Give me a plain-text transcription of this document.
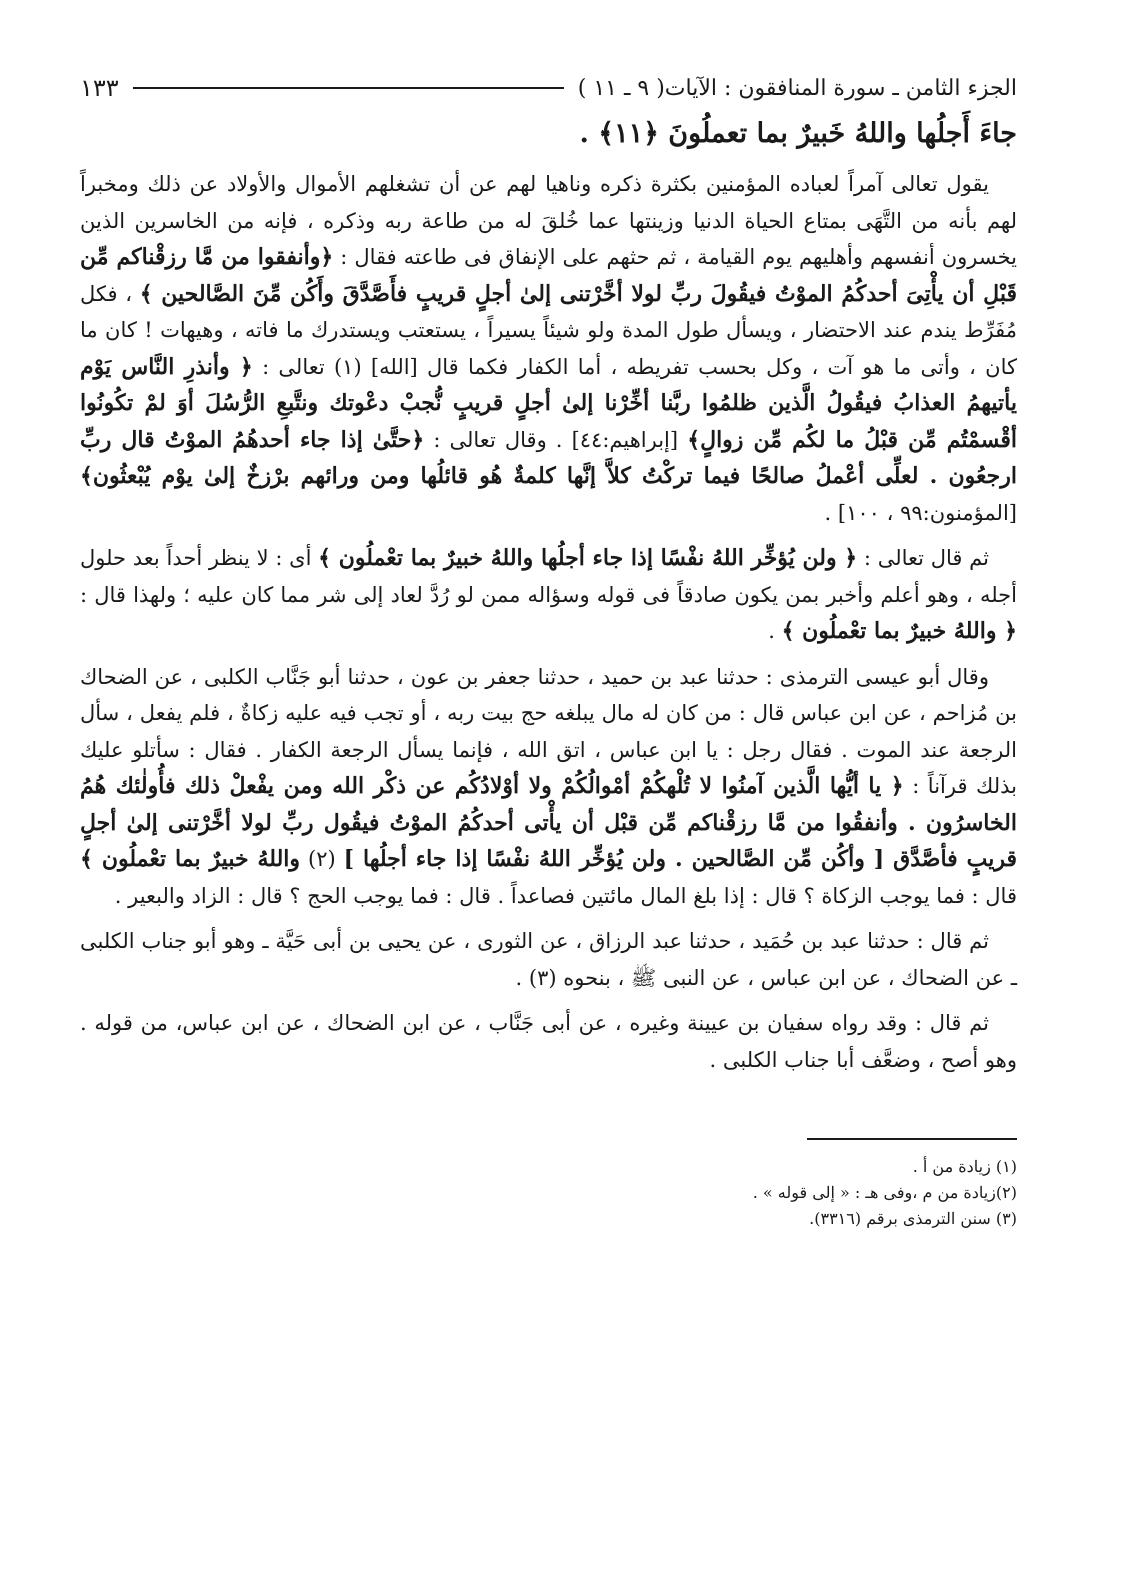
الجزء الثامن ـ سورة المنافقون : الآيات( ٩ ـ ١١ )
١٣٣
جاءَ أَجلُها واللهُ خَبيرٌ بما تعملُونَ ﴿١١﴾ .

يقول تعالى آمراً لعباده المؤمنين بكثرة ذكره وناهيا لهم عن أن تشغلهم الأموال والأولاد عن ذلك ومخبراً لهم بأنه من التَّهَى بمتاع الحياة الدنيا وزينتها عما خُلقَ له من طاعة ربه وذكره ، فإنه من الخاسرين الذين يخسرون أنفسهم وأهليهم يوم القيامة ، ثم حثهم على الإنفاق فى طاعته فقال : ﴿وأنفقوا من مَّا رزقْناكم مِّن قَبْلِ أن يأْتِىَ أحدكُمُ الموْتُ فيقُولَ ربِّ لولا أخَّرْتنى إلىٰ أجلٍ قريبٍ فأَصَّدَّقَ وأَكُن مِّنَ الصَّالحين ﴾ ، فكل مُفَرِّط يندم عند الاحتضار ، ويسأل طول المدة ولو شيئاً يسيراً ، يستعتب ويستدرك ما فاته ، وهيهات ! كان ما كان ، وأتى ما هو آت ، وكل بحسب تفريطه ، أما الكفار فكما قال [الله] (١) تعالى : ﴿ وأنذرِ النَّاس يَوْم يأتيهمُ العذابُ فيقُولُ الَّذين ظلمُوا ربَّنا أخِّرْنا إلىٰ أجلٍ قريبٍ نُّجبْ دعْوتك ونتَّبعِ الرُّسُلَ أوَ لمْ تكُونُوا أقْسمْتُم مِّن قبْلُ ما لكُم مِّن زوالٍ﴾ [إبراهيم:٤٤] . وقال تعالى : ﴿حتَّىٰ إذا جاء أحدهُمُ الموْتُ قال ربِّ ارجعُون . لعلِّى أعْملُ صالحًا فيما تركْتُ كلاَّ إنَّها كلمةٌ هُو قائلُها ومن ورائهم برْزخٌ إلىٰ يوْم يُبْعثُون﴾ [المؤمنون:٩٩ ، ١٠٠] .

ثم قال تعالى : ﴿ ولن يُؤخِّر اللهُ نفْسًا إذا جاء أجلُها واللهُ خبيرٌ بما تعْملُون ﴾ أى : لا ينظر أحداً بعد حلول أجله ، وهو أعلم وأخبر بمن يكون صادقاً فى قوله وسؤاله ممن لو رُدَّ لعاد إلى شر مما كان عليه ؛ ولهذا قال : ﴿ واللهُ خبيرٌ بما تعْملُون ﴾ .

وقال أبو عيسى الترمذى : حدثنا عبد بن حميد ، حدثنا جعفر بن عون ، حدثنا أبو جَنَّاب الكلبى ، عن الضحاك بن مُزاحم ، عن ابن عباس قال : من كان له مال يبلغه حج بيت ربه ، أو تجب فيه عليه زكاةٌ ، فلم يفعل ، سأل الرجعة عند الموت . فقال رجل : يا ابن عباس ، اتق الله ، فإنما يسأل الرجعة الكفار . فقال : سأتلو عليك بذلك قرآناً : ﴿ يا أيُّها الَّذين آمنُوا لا تُلْهكُمْ أمْوالُكُمْ ولا أوْلادُكُم عن ذكْر الله ومن يفْعلْ ذلك فأُولٰئك هُمُ الخاسرُون . وأنفقُوا من مَّا رزقْناكم مِّن قبْل أن يأْتى أحدكُمُ الموْتُ فيقُول ربِّ لولا أخَّرْتنى إلىٰ أجلٍ قريبٍ فأصَّدَّق [ وأكُن مِّن الصَّالحين . ولن يُؤخِّر اللهُ نفْسًا إذا جاء أجلُها ] (٢) واللهُ خبيرٌ بما تعْملُون ﴾ قال : فما يوجب الزكاة ؟ قال : إذا بلغ المال مائتين فصاعداً . قال : فما يوجب الحج ؟ قال : الزاد والبعير .

ثم قال : حدثنا عبد بن حُمَيد ، حدثنا عبد الرزاق ، عن الثورى ، عن يحيى بن أبى حَيَّة ـ وهو أبو جناب الكلبى ـ عن الضحاك ، عن ابن عباس ، عن النبى ﷺ ، بنحوه (٣) .

ثم قال : وقد رواه سفيان بن عيينة وغيره ، عن أبى جَنَّاب ، عن ابن الضحاك ، عن ابن عباس، من قوله . وهو أصح ، وضعَّف أبا جناب الكلبى .

(١) زيادة من أ .
(٢)زيادة من م ،وفى هـ : « إلى قوله » .
(٣) سنن الترمذى برقم (٣٣١٦).
